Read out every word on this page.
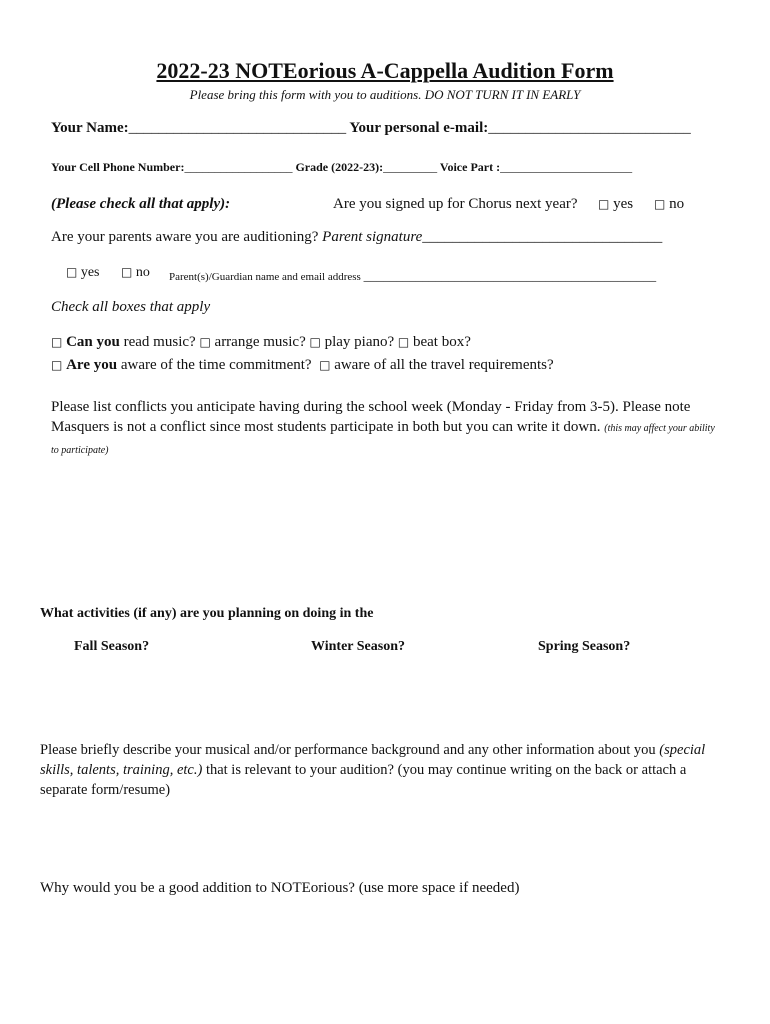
2022-23 NOTEorious A-Cappella Audition Form
Please bring this form with you to auditions. DO NOT TURN IT IN EARLY
Your Name:_____________________________ Your personal e-mail:___________________________
Your Cell Phone Number:__________________ Grade (2022-23):_________ Voice Part :______________________
(Please check all that apply):	Are you signed up for Chorus next year? □ yes □ no
Are your parents aware you are auditioning? Parent signature________________________________
□ yes □ no Parent(s)/Guardian name and email address _____________________________________________
Check all boxes that apply
□ Can you read music? □ arrange music? □ play piano? □ beat box?
□ Are you aware of the time commitment? □ aware of all the travel requirements?
Please list conflicts you anticipate having during the school week (Monday - Friday from 3-5). Please note Masquers is not a conflict since most students participate in both but you can write it down. (this may affect your ability to participate)
What activities (if any) are you planning on doing in the
Fall Season?	Winter Season?	Spring Season?
Please briefly describe your musical and/or performance background and any other information about you (special skills, talents, training, etc.) that is relevant to your audition? (you may continue writing on the back or attach a separate form/resume)
Why would you be a good addition to NOTEorious? (use more space if needed)
